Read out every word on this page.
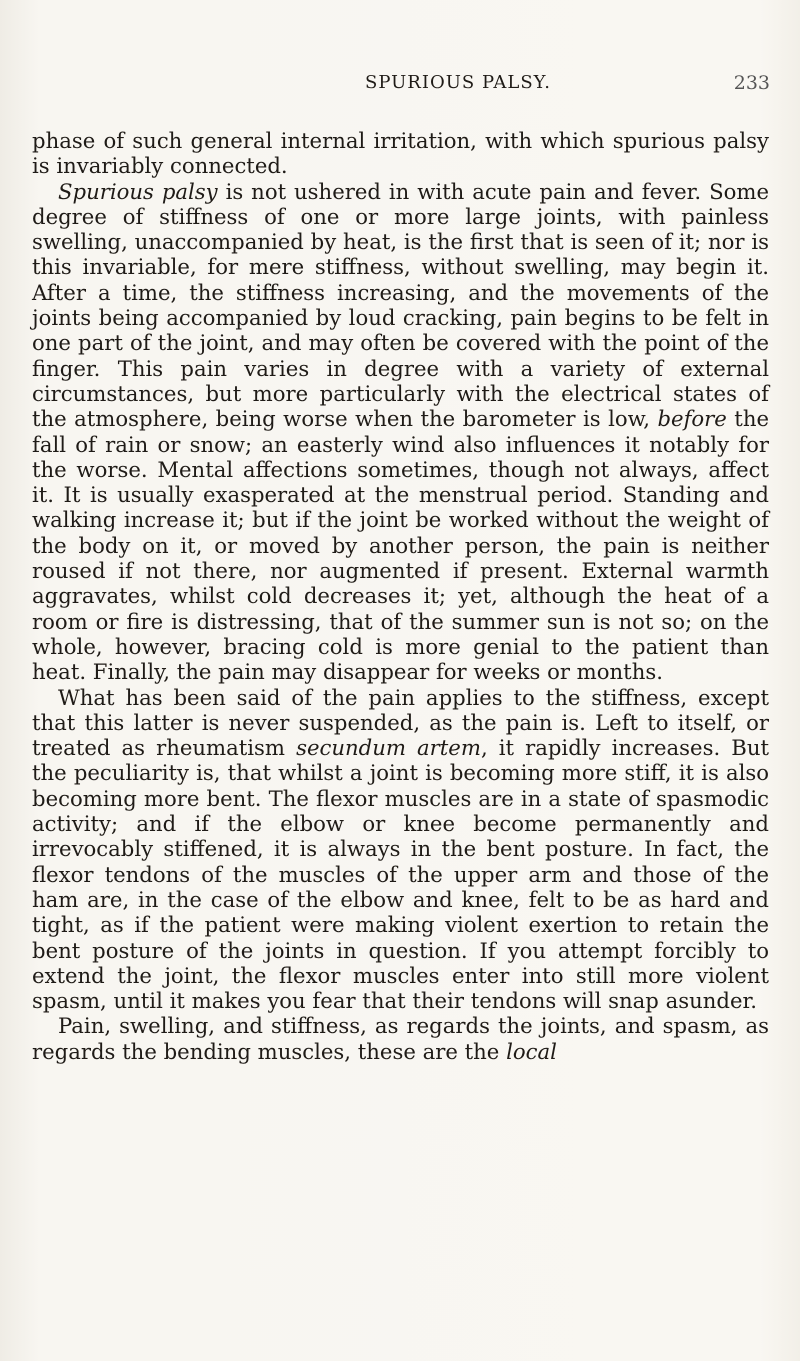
SPURIOUS PALSY.	233

phase of such general internal irritation, with which spurious palsy is invariably connected.

Spurious palsy is not ushered in with acute pain and fever. Some degree of stiffness of one or more large joints, with painless swelling, unaccompanied by heat, is the first that is seen of it; nor is this invariable, for mere stiffness, without swelling, may begin it. After a time, the stiffness increasing, and the movements of the joints being accompanied by loud cracking, pain begins to be felt in one part of the joint, and may often be covered with the point of the finger. This pain varies in degree with a variety of external circumstances, but more particularly with the electrical states of the atmosphere, being worse when the barometer is low, before the fall of rain or snow; an easterly wind also influences it notably for the worse. Mental affections sometimes, though not always, affect it. It is usually exasperated at the menstrual period. Standing and walking increase it; but if the joint be worked without the weight of the body on it, or moved by another person, the pain is neither roused if not there, nor augmented if present. External warmth aggravates, whilst cold decreases it; yet, although the heat of a room or fire is distressing, that of the summer sun is not so; on the whole, however, bracing cold is more genial to the patient than heat. Finally, the pain may disappear for weeks or months.

What has been said of the pain applies to the stiffness, except that this latter is never suspended, as the pain is. Left to itself, or treated as rheumatism secundum artem, it rapidly increases. But the peculiarity is, that whilst a joint is becoming more stiff, it is also becoming more bent. The flexor muscles are in a state of spasmodic activity; and if the elbow or knee become permanently and irrevocably stiffened, it is always in the bent posture. In fact, the flexor tendons of the muscles of the upper arm and those of the ham are, in the case of the elbow and knee, felt to be as hard and tight, as if the patient were making violent exertion to retain the bent posture of the joints in question. If you attempt forcibly to extend the joint, the flexor muscles enter into still more violent spasm, until it makes you fear that their tendons will snap asunder.

Pain, swelling, and stiffness, as regards the joints, and spasm, as regards the bending muscles, these are the local
